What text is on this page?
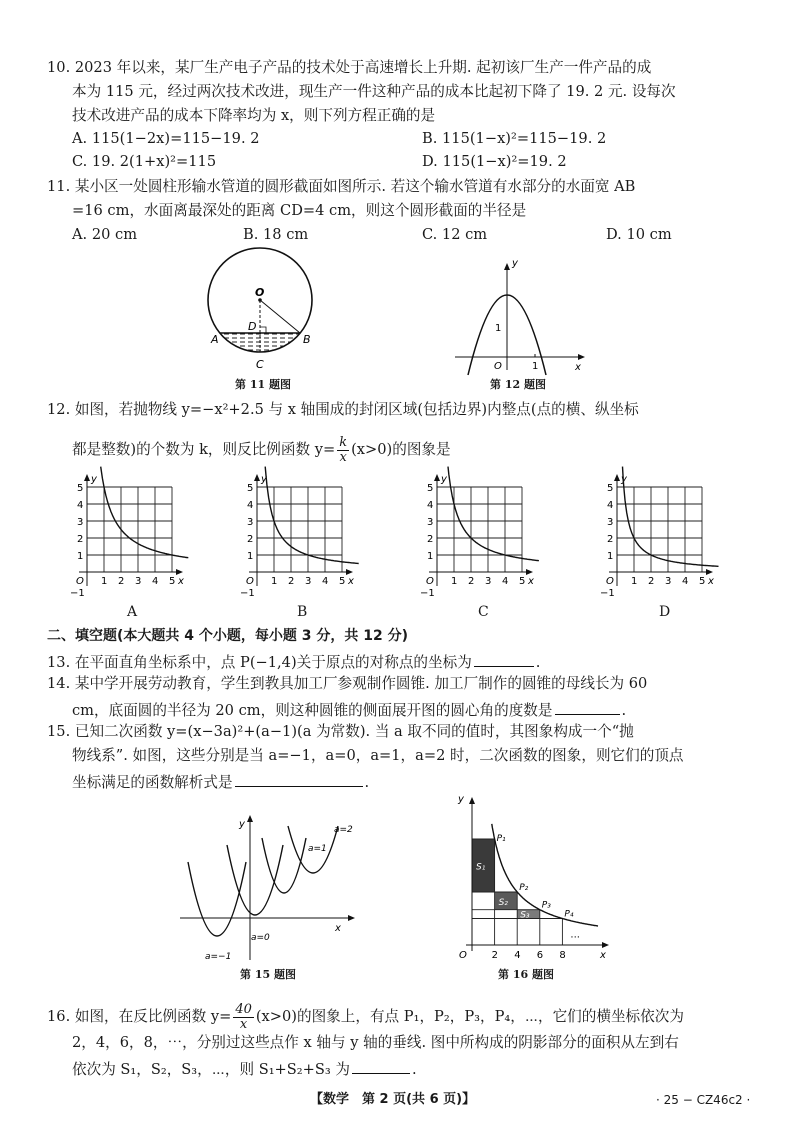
10. 2023 年以来，某厂生产电子产品的技术处于高速增长上升期. 起初该厂生产一件产品的成
本为 115 元，经过两次技术改进，现生产一件这种产品的成本比起初下降了 19. 2 元. 设每次
技术改进产品的成本下降率均为 x，则下列方程正确的是
A. 115(1−2x)=115−19. 2	B. 115(1−x)²=115−19. 2
C. 19. 2(1+x)²=115	D. 115(1−x)²=19. 2
11. 某小区一处圆柱形输水管道的圆形截面如图所示. 若这个输水管道有水部分的水面宽 AB
=16 cm，水面离最深处的距离 CD=4 cm，则这个圆形截面的半径是
A. 20 cm	B. 18 cm	C. 12 cm	D. 10 cm
O
D
A	B
C
第 11 题图
y
x
O
1
1
第 12 题图
12. 如图，若抛物线 y=−x²+2.5 与 x 轴围成的封闭区域(包括边界)内整点(点的横、纵坐标
都是整数)的个数为 k，则反比例函数 $y= \frac{k}{x} (x>0)$的图象是
5
4
3
2
1
1 2 3 4 5
O
−1
y
x
5
4
3
2
1
1 2 3 4 5
O
−1
y
x
5
4
3
2
1
1 2 3 4 5
O
−1
y
x
5
4
3
2
1
1 2 3 4 5
O
−1
y
x
A	B	C	D
二、填空题(本大题共 4 个小题，每小题 3 分，共 12 分)
13. 在平面直角坐标系中，点 P(−1,4)关于原点的对称点的坐标为	.
14. 某中学开展劳动教育，学生到教具加工厂参观制作圆锥. 加工厂制作的圆锥的母线长为 60
cm，底面圆的半径为 20 cm，则这种圆锥的侧面展开图的圆心角的度数是	.
15. 已知二次函数 y=(x−3a)²+(a−1)(a 为常数). 当 a 取不同的值时，其图象构成一个“抛
物线系”. 如图，这些分别是当 a=−1，a=0，a=1，a=2 时，二次函数的图象，则它们的顶点
坐标满足的函数解析式是	.
y
x
a=−1
a=0
a=1
a=2
第 15 题图
y
x
O 2 4 6 8
P₁
P₂
P₃
P₄
S₁
S₂
S₃
...
第 16 题图
16. 如图，在反比例函数 $y= \frac{40}{x} (x>0)$的图象上，有点 P₁，P₂，P₃，P₄，⋯，它们的横坐标依次为
2，4，6，8，⋯，分别过这些点作 x 轴与 y 轴的垂线. 图中所构成的阴影部分的面积从左到右
依次为 S₁，S₂，S₃，⋯，则 S₁+S₂+S₃ 为	.
【数学　第 2 页(共 6 页)】	· 25 − CZ46c2 ·
